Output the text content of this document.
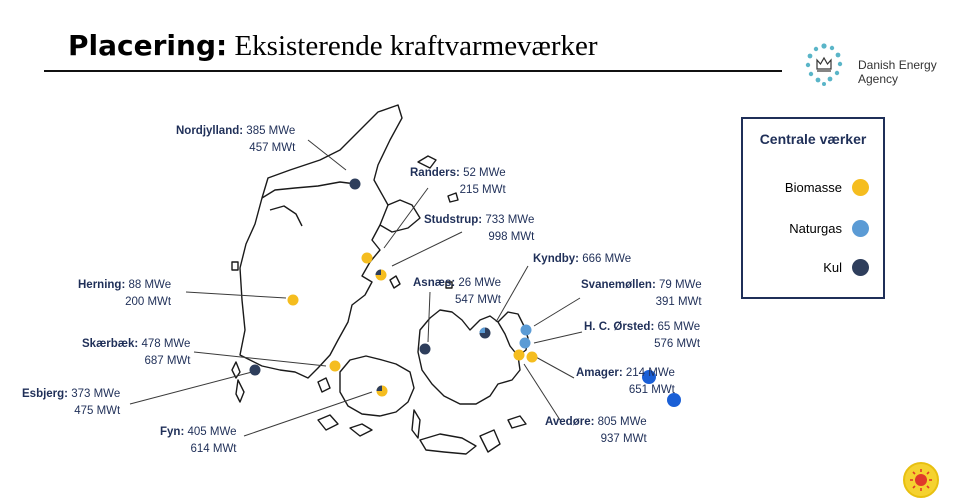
Placering: Eksisterende kraftvarmeværker
Danish Energy
Agency
Nordjylland: 385 MWe
457 MWt
Randers: 52 MWe
215 MWt
Studstrup: 733 MWe
998 MWt
Herning: 88 MWe
200 MWt
Asnæs: 26 MWe
547 MWt
Kyndby: 666 MWe
Svanemøllen: 79 MWe
391 MWt
H. C. Ørsted: 65 MWe
576 MWt
Skærbæk: 478 MWe
687 MWt
Amager: 214 MWe
651 MWt
Esbjerg: 373 MWe
475 MWt
Avedøre: 805 MWe
937 MWt
Fyn: 405 MWe
614 MWt
Centrale værker
Biomasse
Naturgas
Kul
